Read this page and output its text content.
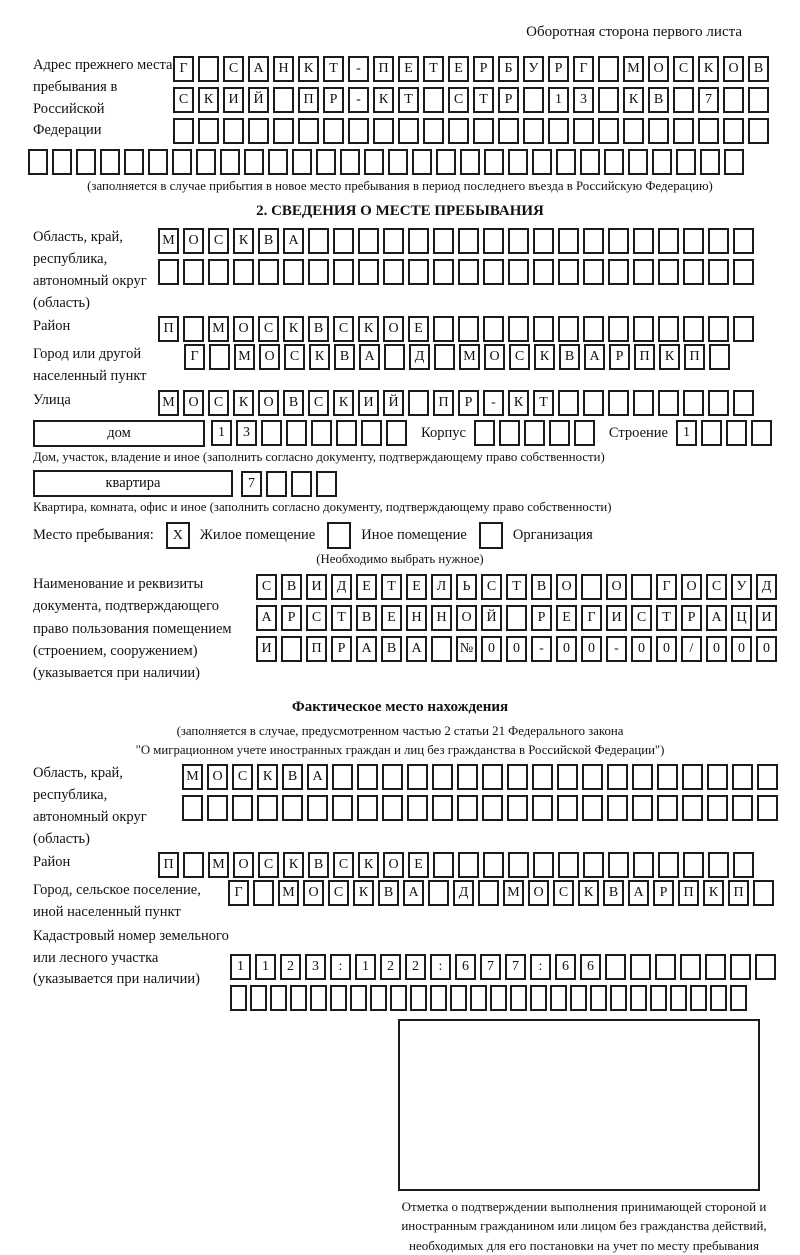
Оборотная сторона первого листа
Адрес прежнего места пребывания в Российской Федерации
Г	С А Н К Т - П Е Т Е Р Б У Р Г	М О С К О В
С К И Й	П Р - К Т	С Т Р	1 3	К В	7
(заполняется в случае прибытия в новое место пребывания в период последнего въезда в Российскую Федерацию)
2. СВЕДЕНИЯ О МЕСТЕ ПРЕБЫВАНИЯ
Область, край, республика, автономный округ (область)
М О С К В А
Район	П	М О С К В С К О Е
Город или другой населенный пункт
Г	М О С К В А	Д	М О С К В А Р П К П
Улица	М О С К О В С К И Й	П Р - К Т
дом	1 3	Корпус	Строение	1
Дом, участок, владение и иное (заполнить согласно документу, подтверждающему право собственности)
квартира	7
Квартира, комната, офис и иное (заполнить согласно документу, подтверждающему право собственности)
Место пребывания:	X	Жилое помещение	Иное помещение	Организация
(Необходимо выбрать нужное)
Наименование и реквизиты документа, подтверждающего право пользования помещением (строением, сооружением) (указывается при наличии)
С В И Д Е Т Е Л Ь С Т В О	О	Г О С У Д
А Р С Т В Е Н Н О Й	Р Е Г И С Т Р А Ц И
И	П Р А В А	№ 0 0 - 0 0 - 0 0 / 0 0 0
Фактическое место нахождения
(заполняется в случае, предусмотренном частью 2 статьи 21 Федерального закона
"О миграционном учете иностранных граждан и лиц без гражданства в Российской Федерации")
Область, край, республика, автономный округ (область)
М О С К В А
Район	П	М О С К В С К О Е
Город, сельское поселение, иной населенный пункт
Г	М О С К В А	Д	М О С К В А Р П К П
Кадастровый номер земельного или лесного участка (указывается при наличии)
1 1 2 3 : 1 2 2 : 6 7 7 : 6 6
Отметка о подтверждении выполнения принимающей стороной и иностранным гражданином или лицом без гражданства действий, необходимых для его постановки на учет по месту пребывания
